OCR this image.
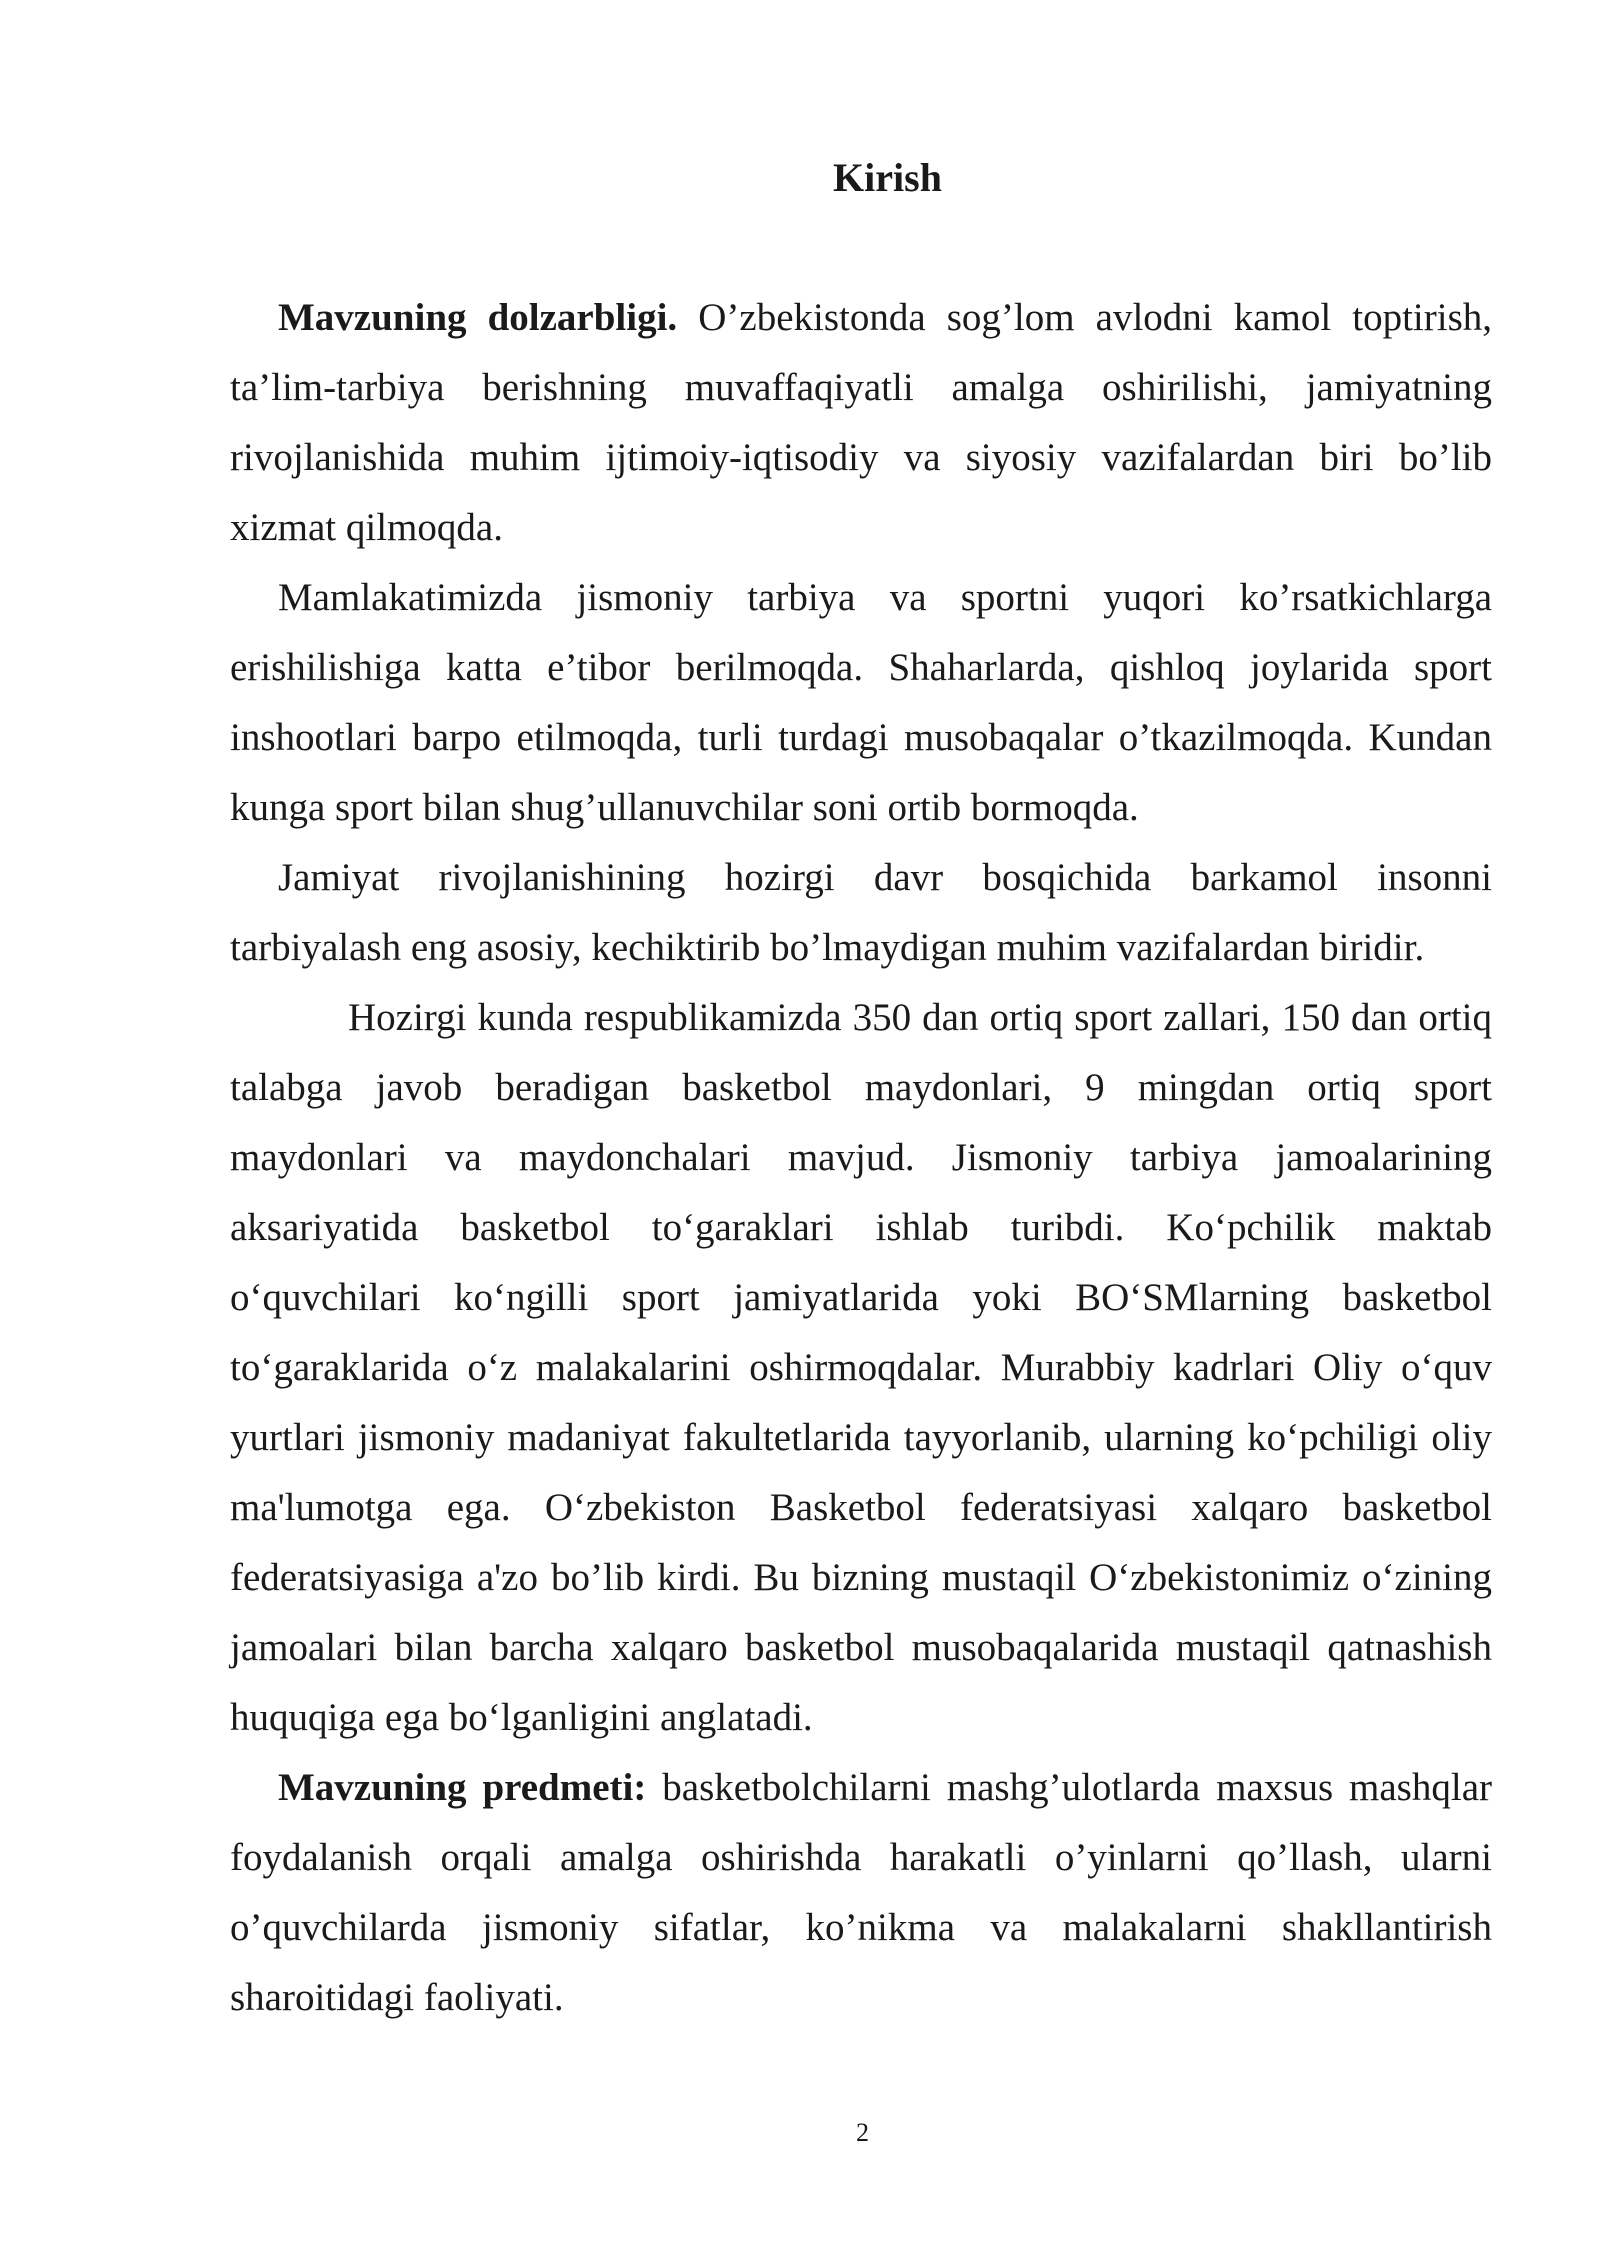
Kirish

Mavzuning dolzarbligi. O’zbekistonda sog’lom avlodni kamol toptirish, ta’lim-tarbiya berishning muvaffaqiyatli amalga oshirilishi, jamiyatning rivojlanishida muhim ijtimoiy-iqtisodiy va siyosiy vazifalardan biri bo’lib xizmat qilmoqda.

Mamlakatimizda jismoniy tarbiya va sportni yuqori ko’rsatkichlarga erishilishiga katta e’tibor berilmoqda. Shaharlarda, qishloq joylarida sport inshootlari barpo etilmoqda, turli turdagi musobaqalar o’tkazilmoqda. Kundan kunga sport bilan shug’ullanuvchilar soni ortib bormoqda.

Jamiyat rivojlanishining hozirgi davr bosqichida barkamol insonni tarbiyalash eng asosiy, kechiktirib bo’lmaydigan muhim vazifalardan biridir.

Hozirgi kunda respublikamizda 350 dan ortiq sport zallari, 150 dan ortiq talabga javob beradigan basketbol maydonlari, 9 mingdan ortiq sport maydonlari va maydonchalari mavjud. Jismoniy tarbiya jamoalarining aksariyatida basketbol to‘garaklari ishlab turibdi. Ko‘pchilik maktab o‘quvchilari ko‘ngilli sport jamiyatlarida yoki BO‘SMlarning basketbol to‘garaklarida o‘z malakalarini oshirmoqdalar. Murabbiy kadrlari Oliy o‘quv yurtlari jismoniy madaniyat fakultetlarida tayyorlanib, ularning ko‘pchiligi oliy ma'lumotga ega. O‘zbekiston Basketbol federatsiyasi xalqaro basketbol federatsiyasiga a'zo bo’lib kirdi. Bu bizning mustaqil O‘zbekistonimiz o‘zining jamoalari bilan barcha xalqaro basketbol musobaqalarida mustaqil qatnashish huquqiga ega bo‘lganligini anglatadi.

Mavzuning predmeti: basketbolchilarni mashg’ulotlarda maxsus mashqlar foydalanish orqali amalga oshirishda harakatli o’yinlarni qo’llash, ularni o’quvchilarda jismoniy sifatlar, ko’nikma va malakalarni shakllantirish sharoitidagi faoliyati.

2
